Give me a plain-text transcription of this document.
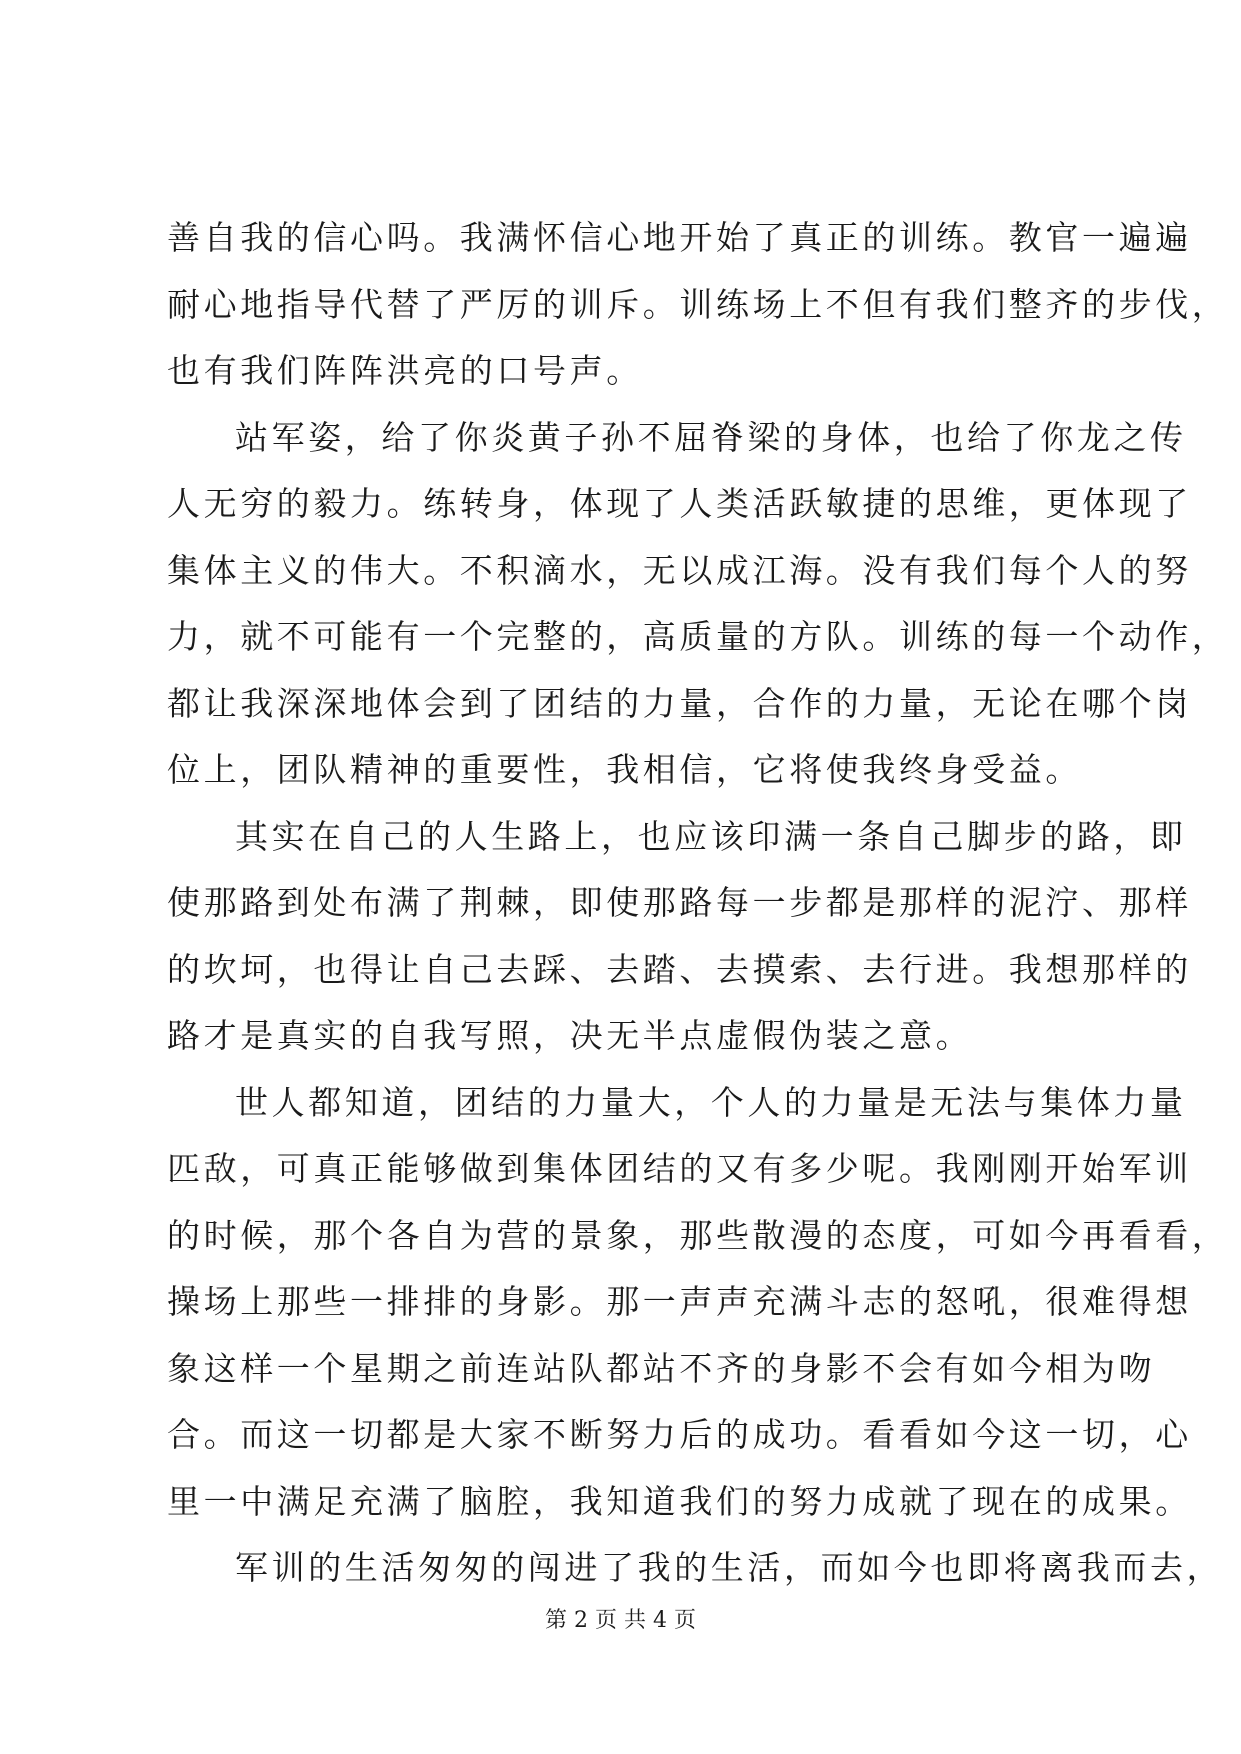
善自我的信心吗。我满怀信心地开始了真正的训练。教官一遍遍
耐心地指导代替了严厉的训斥。训练场上不但有我们整齐的步伐，
也有我们阵阵洪亮的口号声。
站军姿，给了你炎黄子孙不屈脊梁的身体，也给了你龙之传
人无穷的毅力。练转身，体现了人类活跃敏捷的思维，更体现了
集体主义的伟大。不积滴水，无以成江海。没有我们每个人的努
力，就不可能有一个完整的，高质量的方队。训练的每一个动作，
都让我深深地体会到了团结的力量，合作的力量，无论在哪个岗
位上，团队精神的重要性，我相信，它将使我终身受益。
其实在自己的人生路上，也应该印满一条自己脚步的路，即
使那路到处布满了荆棘，即使那路每一步都是那样的泥泞、那样
的坎坷，也得让自己去踩、去踏、去摸索、去行进。我想那样的
路才是真实的自我写照，决无半点虚假伪装之意。
世人都知道，团结的力量大，个人的力量是无法与集体力量
匹敌，可真正能够做到集体团结的又有多少呢。我刚刚开始军训
的时候，那个各自为营的景象，那些散漫的态度，可如今再看看，
操场上那些一排排的身影。那一声声充满斗志的怒吼，很难得想
象这样一个星期之前连站队都站不齐的身影不会有如今相为吻
合。而这一切都是大家不断努力后的成功。看看如今这一切，心
里一中满足充满了脑腔，我知道我们的努力成就了现在的成果。
军训的生活匆匆的闯进了我的生活，而如今也即将离我而去，
第 2 页 共 4 页
